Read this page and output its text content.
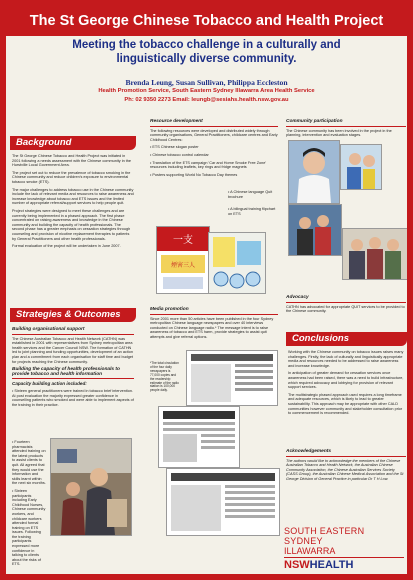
The St George Chinese Tobacco and Health Project
Meeting the tobacco challenge in a culturally and
linguistically diverse community.
Brenda Leung, Susan Sullivan, Philippa Eccleston
Health Promotion Service, South Eastern Sydney Illawarra Area Health Service
Ph: 02 9350 2273 Email: leungb@sesiahs.health.nsw.gov.au
Background

The St George Chinese Tobacco and Health Project was initiated in 2001 following a needs assessment with the Chinese community in the Hurstville Local Government Area.

The project set out to reduce the prevalence of tobacco smoking in the Chinese community and reduce children's exposure to environmental tobacco smoke (ETS).

The major challenges to address tobacco use in the Chinese community include the lack of relevant media and resources to raise awareness and increase knowledge about tobacco and ETS issues and the limited number of appropriate referral/support services to help people quit.

Project strategies were designed to meet these challenges and are currently being implemented in a phased approach. The first phase concentrated on raising awareness and knowledge in the Chinese community and building the capacity of health professionals. The second phase has a greater emphasis on cessation strategies through counseling and provision of nicotine replacement therapies to patients by General Practitioners and other health professionals.

Formal evaluation of the project will be undertaken in June 2007.

Strategies & Outcomes
Building organisational support

The Chinese Australian Tobacco and Health Network (CATHN) was established in 2001 with representatives from Sydney metropolitan area health services and the Cancer Council NSW. The formation of CATHN led to joint planning and funding opportunities, development of an action plan and a commitment from each organisation for staff time and budget for projects reaching the Chinese community.

Building the capacity of health professionals to provide tobacco and health information
Capacity building action included:

• Sixteen general practitioners were trained in tobacco brief intervention. At post evaluation the majority expressed greater confidence in counselling patients who smoked and were able to implement aspects of the training in their practice.

• Fourteen pharmacists attended training on the latest products to assist clients to quit. All agreed that they would use the information and skills learnt within the next six months.

• Sixteen participants including Early Childhood Nurses, Chinese community workers, and childcare workers attended formal training on ETS issues. Following the training participants expressed more confidence in talking to clients about the risks of ETS.

Resource development

The following resources were developed and distributed widely through community organisations, General Practitioners, childcare centres and Early Childhood Centres:

• ETS Chinese slogan poster

• Chinese tobacco control calendar

• Translation of the ETS campaign 'Car and Home Smoke Free Zone' resources including leaflets, key rings and fridge magnets

• Posters supporting World No Tobacco Day themes

• A Chinese language Quit brochure

• A bilingual training flipchart on ETS

一支
煙害三人
Media promotion

Since 2001 more than 50 articles have been published in the four Sydney metropolitan Chinese language newspapers and over 40 interviews conducted on Chinese language radio.* The message intent is to raise awareness of tobacco and ETS harm, provide strategies to assist quit attempts and give referral options.

*The total circulation of the four daily newspapers is 77,000 copies and the readership estimate of the radio station is 100,000 people daily.

Community participation

The Chinese community has been involved in the project in the planning, intervention and evaluation stages.

Advocacy

CATHN has advocated for appropriate QUIT services to be provided to the Chinese community.

Conclusions

Working with the Chinese community on tobacco issues raises many challenges. Firstly, the lack of culturally and linguistically appropriate media and resources needed to be addressed to raise awareness and increase knowledge.

In anticipation of greater demand for cessation services once awareness had been raised, there was a need to build infrastructure, which required advocacy and lobbying for provision of relevant support services.

The multistrategic phased approach used requires a long timeframe and adequate resources, which is likely to lead to greater sustainability. This approach may be appropriate with other CALD communities however community and stakeholder consultation prior to commencement is recommended.

Acknowledgements

The authors would like to acknowledge the members of the Chinese Australian Tobacco and Health Network, the Australian Chinese Community Association, the Chinese Australian Services Society (CASS Group), the Australian Chinese Medical Association and the St George Division of General Practice in particular Dr T H Low.

SOUTH EASTERN SYDNEY
ILLAWARRA
NSWHEALTH
